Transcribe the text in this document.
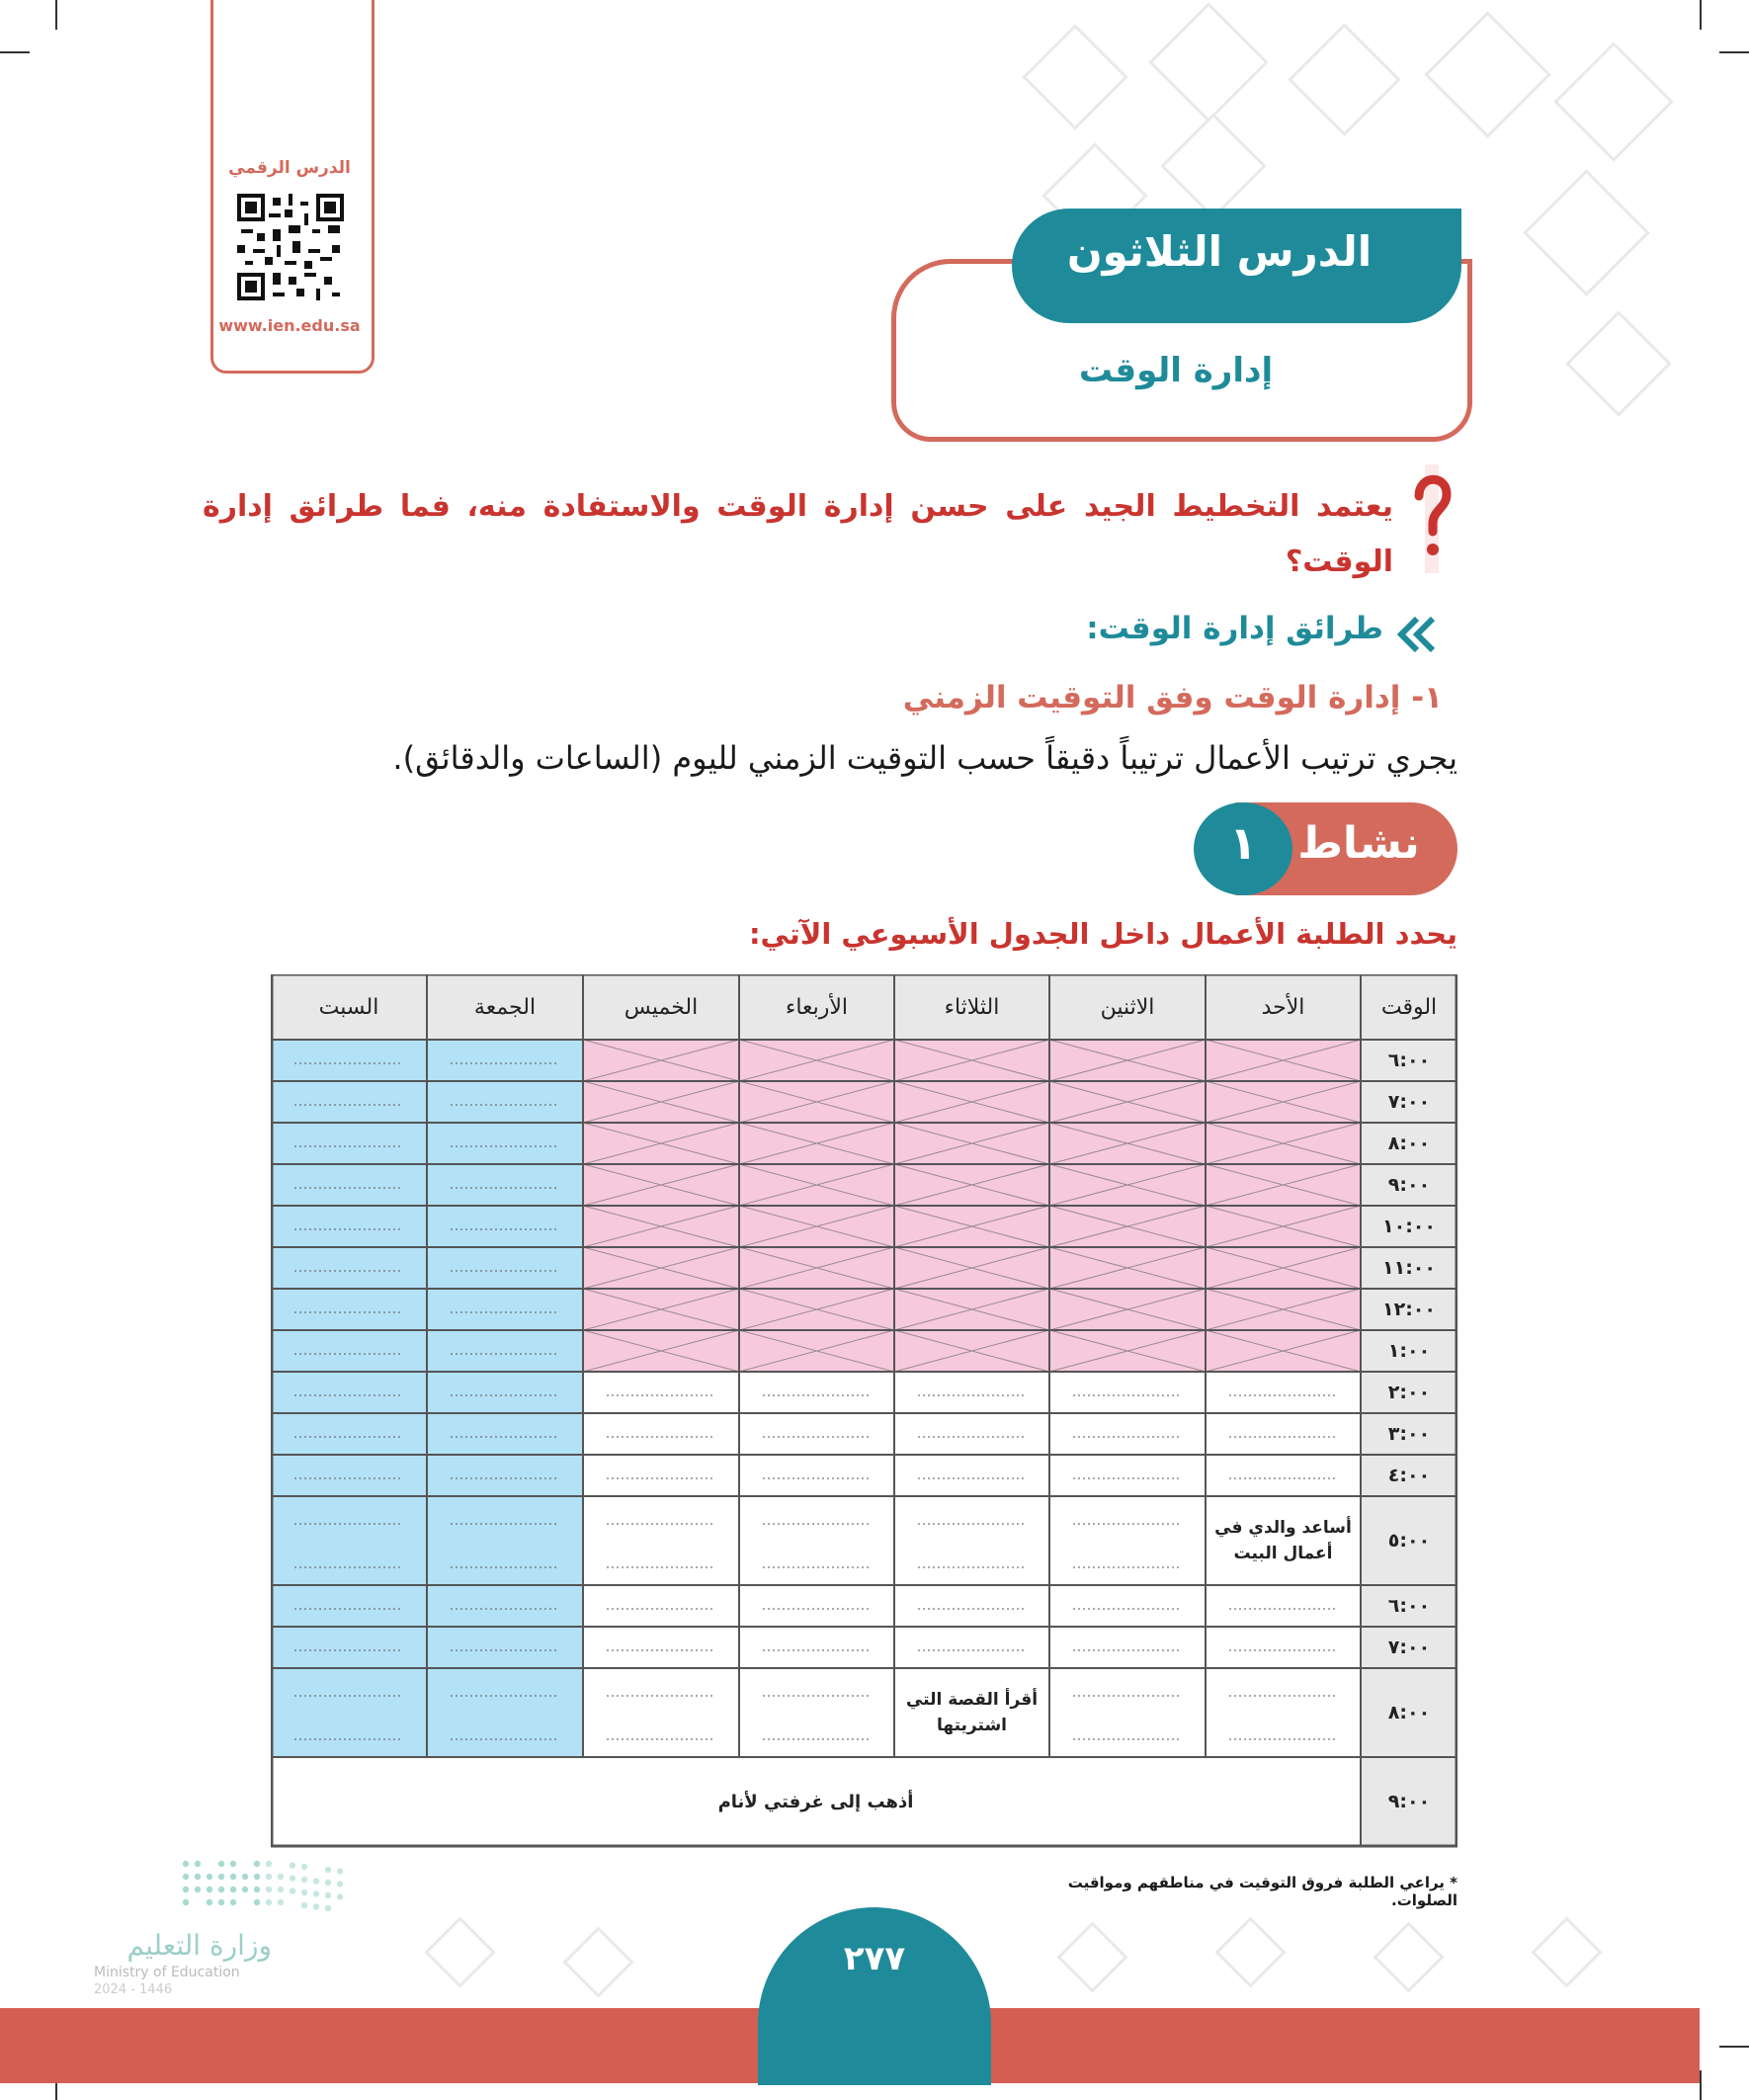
الدرس الرقمي
www.ien.edu.sa
الدرس الثلاثون
إدارة الوقت
يعتمد التخطيط الجيد على حسن إدارة الوقت والاستفادة منه، فما طرائق إدارة الوقت؟
طرائق إدارة الوقت:
١- إدارة الوقت وفق التوقيت الزمني
يجري ترتيب الأعمال ترتيباً دقيقاً حسب التوقيت الزمني لليوم (الساعات والدقائق).
نشاط
١
يحدد الطلبة الأعمال داخل الجدول الأسبوعي الآتي:
الوقت
الأحد
الاثنين
الثلاثاء
الأربعاء
الخميس
الجمعة
السبت
٦:٠٠
٧:٠٠
٨:٠٠
٩:٠٠
١٠:٠٠
١١:٠٠
١٢:٠٠
١:٠٠
٢:٠٠
٣:٠٠
٤:٠٠
٥:٠٠
٦:٠٠
٧:٠٠
٨:٠٠
٩:٠٠
أساعد والدي في أعمال البيت
أقرأ القصة التي اشتريتها
أذهب إلى غرفتي لأنام
* يراعي الطلبة فروق التوقيت في مناطقهم ومواقيت الصلوات.
وزارة التعليم
Ministry of Education
2024 - 1446
٢٧٧
